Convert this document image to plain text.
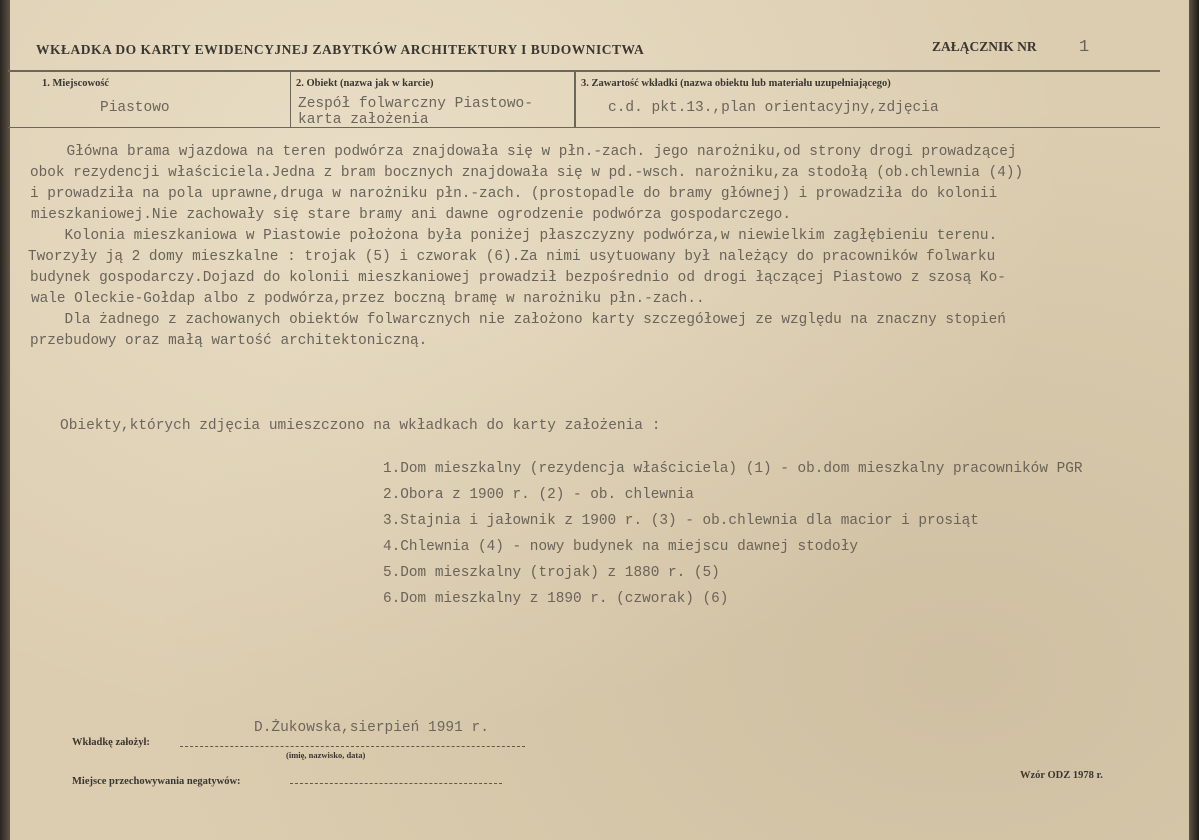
WKŁADKA DO KARTY EWIDENCYJNEJ ZABYTKÓW ARCHITEKTURY I BUDOWNICTWA	ZAŁĄCZNIK NR 1
1. Miejscowość
Piastowo
2. Obiekt (nazwa jak w karcie)
Zespół folwarczny Piastowo-
karta założenia
3. Zawartość wkładki (nazwa obiektu lub materiału uzupełniającego)
c.d. pkt.13.,plan orientacyjny,zdjęcia
Główna brama wjazdowa na teren podwórza znajdowała się w płn.-zach. jego narożniku,od strony drogi prowadzącej
obok rezydencji właściciela.Jedna z bram bocznych znajdowała się w pd.-wsch. narożniku,za stodołą (ob.chlewnia (4))
i prowadziła na pola uprawne,druga w narożniku płn.-zach. (prostopadle do bramy głównej) i prowadziła do kolonii
mieszkaniowej.Nie zachowały się stare bramy ani dawne ogrodzenie podwórza gospodarczego.
Kolonia mieszkaniowa w Piastowie położona była poniżej płaszczyzny podwórza,w niewielkim zagłębieniu terenu.
Tworzyły ją 2 domy mieszkalne : trojak (5) i czworak (6).Za nimi usytuowany był należący do pracowników folwarku
budynek gospodarczy.Dojazd do kolonii mieszkaniowej prowadził bezpośrednio od drogi łączącej Piastowo z szosą Ko-
wale Oleckie-Gołdap albo z podwórza,przez boczną bramę w narożniku płn.-zach..
Dla żadnego z zachowanych obiektów folwarcznych nie założono karty szczegółowej ze względu na znaczny stopień
przebudowy oraz małą wartość architektoniczną.
Obiekty,których zdjęcia umieszczono na wkładkach do karty założenia :
1.Dom mieszkalny (rezydencja właściciela) (1) - ob.dom mieszkalny pracowników PGR
2.Obora z 1900 r. (2) - ob. chlewnia
3.Stajnia i jałownik z 1900 r. (3) - ob.chlewnia dla macior i prosiąt
4.Chlewnia (4) - nowy budynek na miejscu dawnej stodoły
5.Dom mieszkalny (trojak) z 1880 r. (5)
6.Dom mieszkalny z 1890 r. (czworak) (6)
D.Żukowska,sierpień 1991 r.
Wkładkę założył:
(imię, nazwisko, data)
Miejsce przechowywania negatywów:
Wzór ODZ 1978 r.
